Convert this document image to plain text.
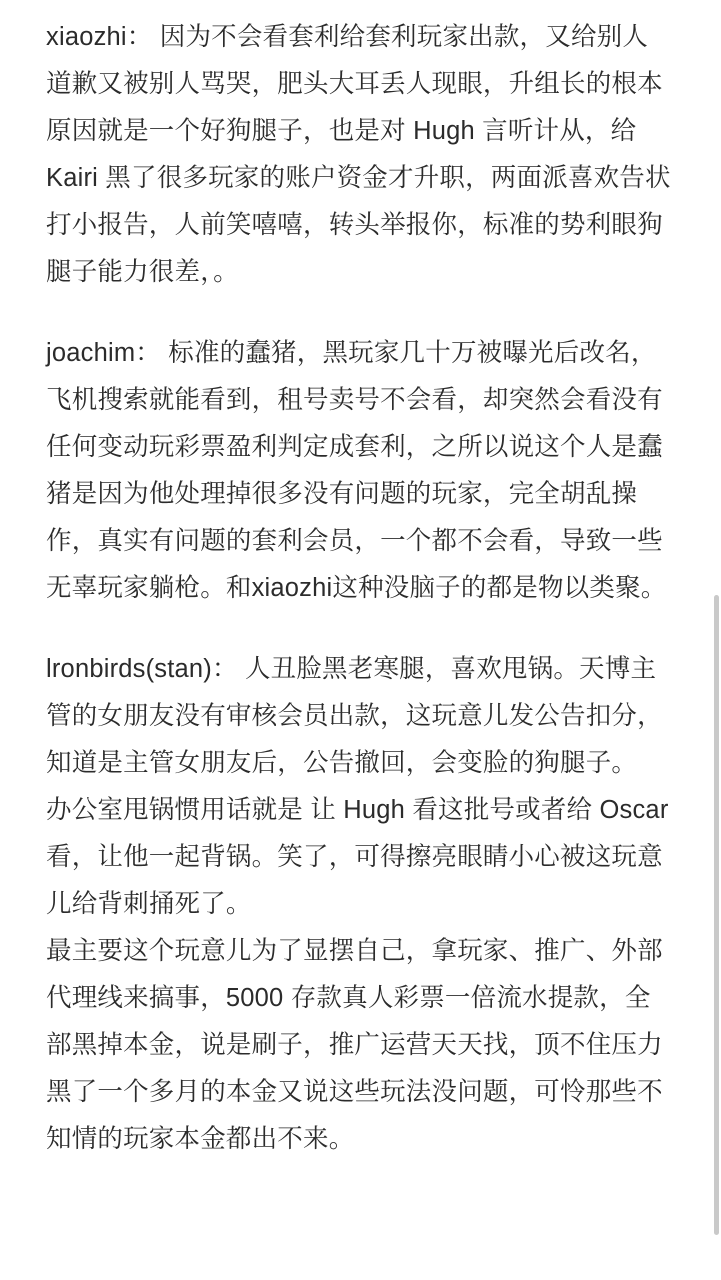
xiaozhi： 因为不会看套利给套利玩家出款，又给别人道歉又被别人骂哭，肥头大耳丢人现眼，升组长的根本原因就是一个好狗腿子，也是对 Hugh 言听计从，给 Kairi 黑了很多玩家的账户资金才升职，两面派喜欢告状打小报告，人前笑嘻嘻，转头举报你，标准的势利眼狗腿子能力很差，。

joachim： 标准的蠢猪，黑玩家几十万被曝光后改名，飞机搜索就能看到，租号卖号不会看，却突然会看没有任何变动玩彩票盈利判定成套利，之所以说这个人是蠢猪是因为他处理掉很多没有问题的玩家，完全胡乱操作，真实有问题的套利会员，一个都不会看，导致一些无辜玩家躺枪。和xiaozhi这种没脑子的都是物以类聚。

lronbirds(stan)： 人丑脸黑老寒腿，喜欢甩锅。天博主管的女朋友没有审核会员出款，这玩意儿发公告扣分，知道是主管女朋友后，公告撤回，会变脸的狗腿子。

办公室甩锅惯用话就是 让 Hugh 看这批号或者给 Oscar 看，让他一起背锅。笑了，可得擦亮眼睛小心被这玩意儿给背刺捅死了。

最主要这个玩意儿为了显摆自己，拿玩家、推广、外部代理线来搞事，5000 存款真人彩票一倍流水提款，全部黑掉本金，说是刷子，推广运营天天找，顶不住压力黑了一个多月的本金又说这些玩法没问题，可怜那些不知情的玩家本金都出不来。
